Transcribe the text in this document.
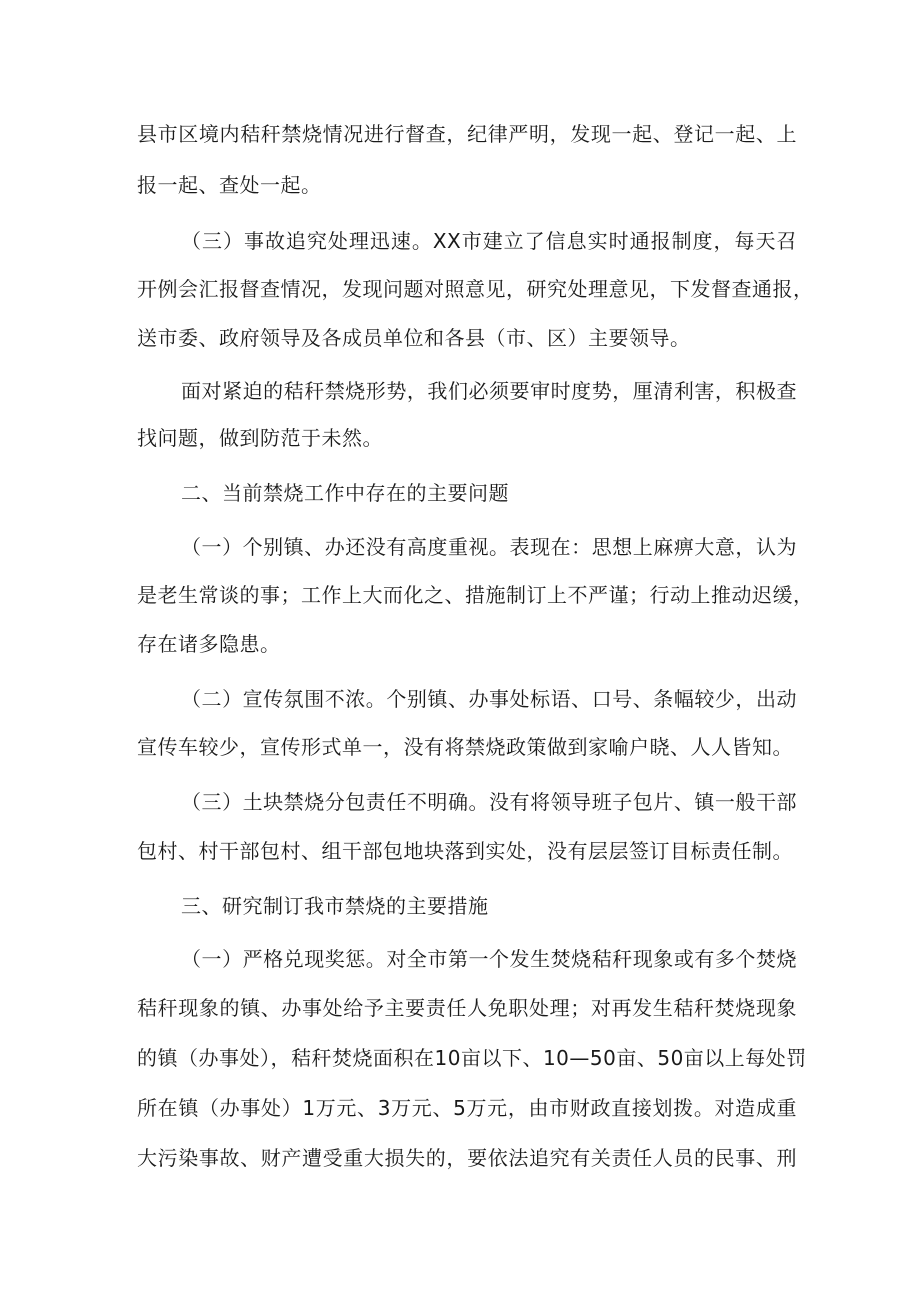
县市区境内秸秆禁烧情况进行督查，纪律严明，发现一起、登记一起、上
报一起、查处一起。
（三）事故追究处理迅速。XX市建立了信息实时通报制度，每天召
开例会汇报督查情况，发现问题对照意见，研究处理意见，下发督查通报，
送市委、政府领导及各成员单位和各县（市、区）主要领导。
面对紧迫的秸秆禁烧形势，我们必须要审时度势，厘清利害，积极查
找问题，做到防范于未然。
二、当前禁烧工作中存在的主要问题
（一）个别镇、办还没有高度重视。表现在：思想上麻痹大意，认为
是老生常谈的事；工作上大而化之、措施制订上不严谨；行动上推动迟缓，
存在诸多隐患。
（二）宣传氛围不浓。个别镇、办事处标语、口号、条幅较少，出动
宣传车较少，宣传形式单一，没有将禁烧政策做到家喻户晓、人人皆知。
（三）土块禁烧分包责任不明确。没有将领导班子包片、镇一般干部
包村、村干部包村、组干部包地块落到实处，没有层层签订目标责任制。
三、研究制订我市禁烧的主要措施
（一）严格兑现奖惩。对全市第一个发生焚烧秸秆现象或有多个焚烧
秸秆现象的镇、办事处给予主要责任人免职处理；对再发生秸秆焚烧现象
的镇（办事处），秸秆焚烧面积在10亩以下、10—50亩、50亩以上每处罚
所在镇（办事处）1万元、3万元、5万元，由市财政直接划拨。对造成重
大污染事故、财产遭受重大损失的，要依法追究有关责任人员的民事、刑
